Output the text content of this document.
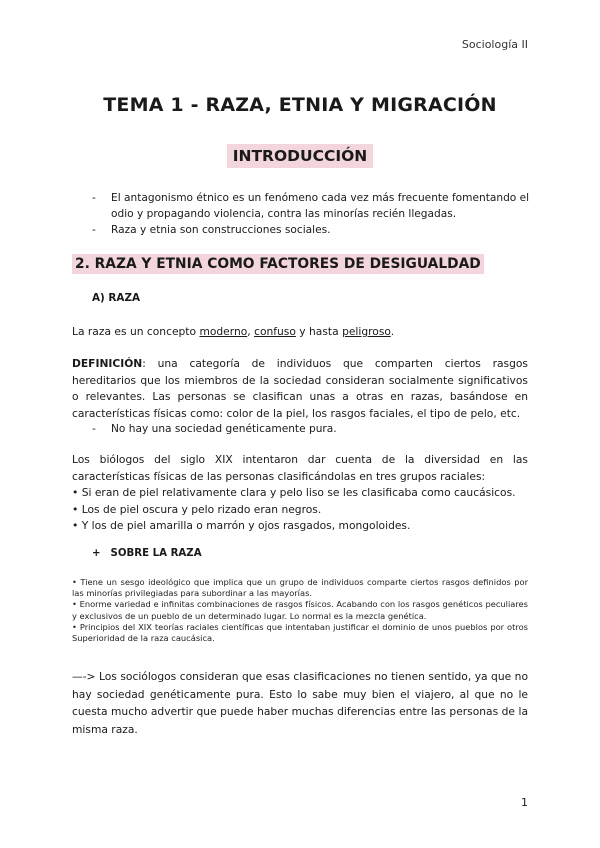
Sociología II
TEMA 1 - RAZA, ETNIA Y MIGRACIÓN
INTRODUCCIÓN
- El antagonismo étnico es un fenómeno cada vez más frecuente fomentando el odio y propagando violencia, contra las minorías recién llegadas.
- Raza y etnia son construcciones sociales.
2. RAZA Y ETNIA COMO FACTORES DE DESIGUALDAD
A) RAZA

La raza es un concepto moderno, confuso y hasta peligroso.

DEFINICIÓN: una categoría de individuos que comparten ciertos rasgos hereditarios que los miembros de la sociedad consideran socialmente significativos o relevantes. Las personas se clasifican unas a otras en razas, basándose en características físicas como: color de la piel, los rasgos faciales, el tipo de pelo, etc.

- No hay una sociedad genéticamente pura.

Los biólogos del siglo XIX intentaron dar cuenta de la diversidad en las características físicas de las personas clasificándolas en tres grupos raciales:
• Si eran de piel relativamente clara y pelo liso se les clasificaba como caucásicos.
• Los de piel oscura y pelo rizado eran negros.
• Y los de piel amarilla o marrón y ojos rasgados, mongoloides.

+ SOBRE LA RAZA
• Tiene un sesgo ideológico que implica que un grupo de individuos comparte ciertos rasgos definidos por las minorías privilegiadas para subordinar a las mayorías.
• Enorme variedad e infinitas combinaciones de rasgos físicos. Acabando con los rasgos genéticos peculiares y exclusivos de un pueblo de un determinado lugar. Lo normal es la mezcla genética.
• Principios del XIX teorías raciales científicas que intentaban justificar el dominio de unos pueblos por otros Superioridad de la raza caucásica.

—-> Los sociólogos consideran que esas clasificaciones no tienen sentido, ya que no hay sociedad genéticamente pura. Esto lo sabe muy bien el viajero, al que no le cuesta mucho advertir que puede haber muchas diferencias entre las personas de la misma raza.

1
